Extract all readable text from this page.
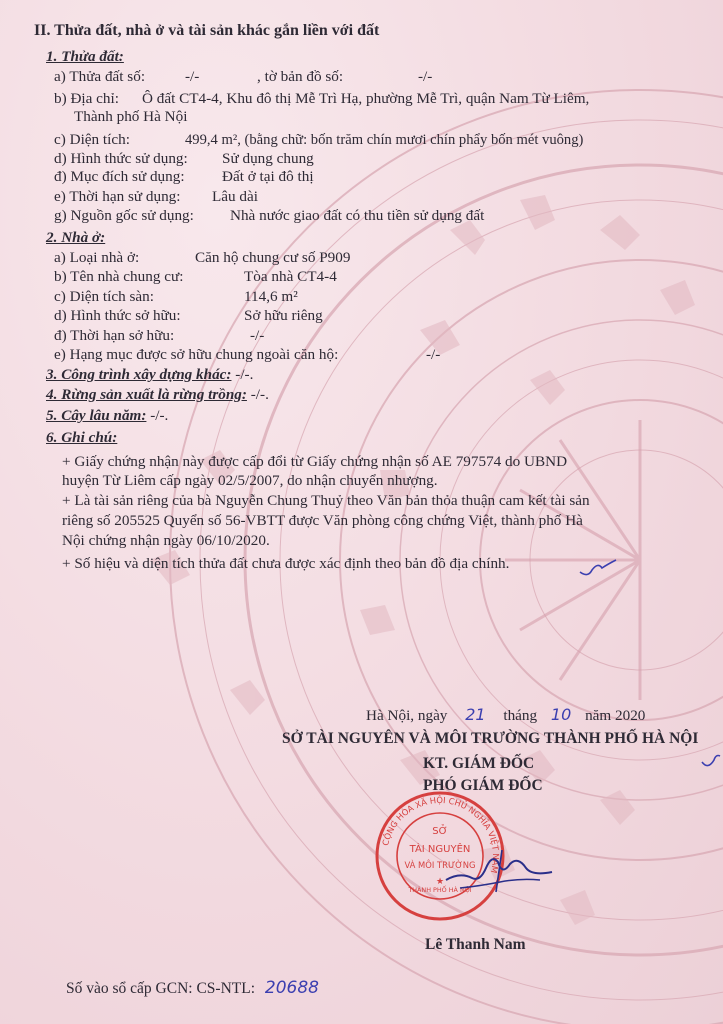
II. Thửa đất, nhà ở và tài sản khác gắn liền với đất
1. Thửa đất:
a) Thửa đất số:	-/-	, tờ bản đồ số:	-/-
b) Địa chỉ: Ô đất CT4-4, Khu đô thị Mễ Trì Hạ, phường Mễ Trì, quận Nam Từ Liêm,
Thành phố Hà Nội
c) Diện tích:	499,4 m², (bằng chữ: bốn trăm chín mươi chín phẩy bốn mét vuông)
d) Hình thức sử dụng: Sử dụng chung
đ) Mục đích sử dụng: Đất ở tại đô thị
e) Thời hạn sử dụng: Lâu dài
g) Nguồn gốc sử dụng: Nhà nước giao đất có thu tiền sử dụng đất
2. Nhà ở:
a) Loại nhà ở:	Căn hộ chung cư số P909
b) Tên nhà chung cư:	Tòa nhà CT4-4
c) Diện tích sàn:	114,6 m²
d) Hình thức sở hữu:	Sở hữu riêng
đ) Thời hạn sở hữu:	-/-
e) Hạng mục được sở hữu chung ngoài căn hộ:	-/-
3. Công trình xây dựng khác: -/-.
4. Rừng sản xuất là rừng trồng: -/-.
5. Cây lâu năm: -/-.
6. Ghi chú:
+ Giấy chứng nhận này được cấp đổi từ Giấy chứng nhận số AE 797574 do UBND
huyện Từ Liêm cấp ngày 02/5/2007, do nhận chuyển nhượng.
+ Là tài sản riêng của bà Nguyễn Chung Thuỷ theo Văn bản thỏa thuận cam kết tài sản
riêng số 205525 Quyển số 56-VBTT được Văn phòng công chứng Việt, thành phố Hà
Nội chứng nhận ngày 06/10/2020.
+ Số hiệu và diện tích thửa đất chưa được xác định theo bản đồ địa chính.
Hà Nội, ngày 21 tháng 10 năm 2020
SỞ TÀI NGUYÊN VÀ MÔI TRƯỜNG THÀNH PHỐ HÀ NỘI
KT. GIÁM ĐỐC
PHÓ GIÁM ĐỐC
CỘNG HÒA XÃ HỘI CHỦ NGHĨA VIỆT NAM
SỞ
TÀI NGUYÊN
VÀ MÔI TRƯỜNG
THÀNH PHỐ HÀ NỘI
★
Lê Thanh Nam
Số vào sổ cấp GCN: CS-NTL: 20688
